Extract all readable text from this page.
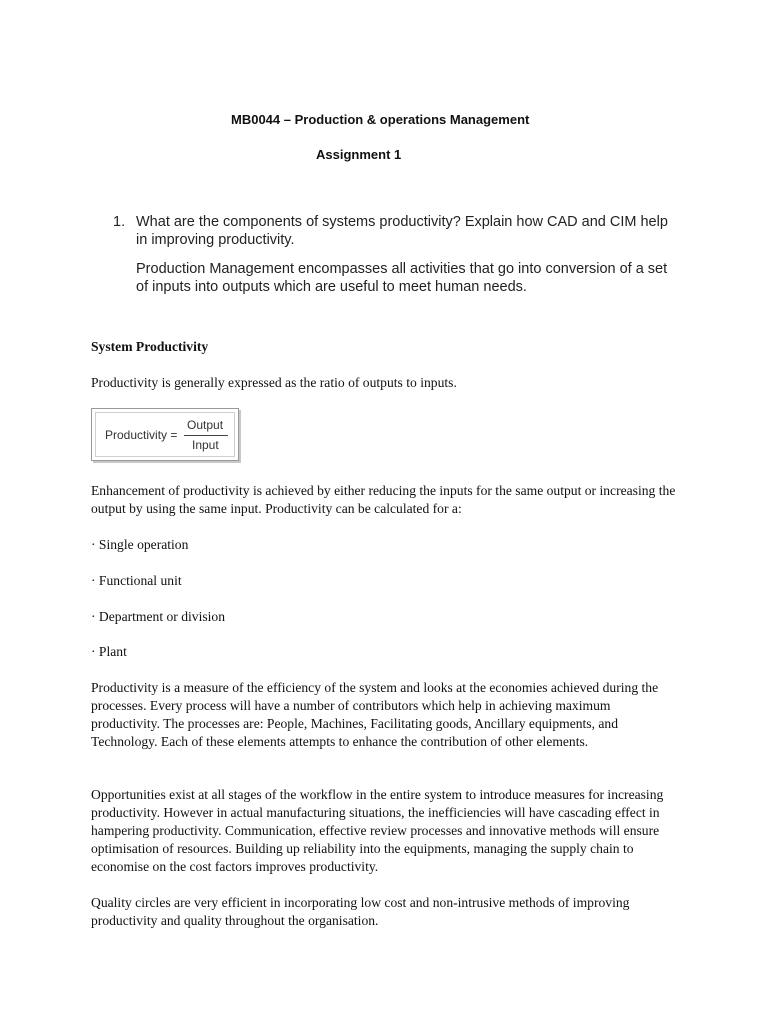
MB0044 – Production & operations Management
Assignment 1
1. What are the components of systems productivity? Explain how CAD and CIM help in improving productivity.
Production Management encompasses all activities that go into conversion of a set of inputs into outputs which are useful to meet human needs.
System Productivity
Productivity is generally expressed as the ratio of outputs to inputs.
Productivity =
Output
Input
Enhancement of productivity is achieved by either reducing the inputs for the same output or increasing the output by using the same input. Productivity can be calculated for a:
· Single operation
· Functional unit
· Department or division
· Plant
Productivity is a measure of the efficiency of the system and looks at the economies achieved during the processes. Every process will have a number of contributors which help in achieving maximum productivity. The processes are: People, Machines, Facilitating goods, Ancillary equipments, and Technology. Each of these elements attempts to enhance the contribution of other elements.
Opportunities exist at all stages of the workflow in the entire system to introduce measures for increasing productivity. However in actual manufacturing situations, the inefficiencies will have cascading effect in hampering productivity. Communication, effective review processes and innovative methods will ensure optimisation of resources. Building up reliability into the equipments, managing the supply chain to economise on the cost factors improves productivity.
Quality circles are very efficient in incorporating low cost and non-intrusive methods of improving productivity and quality throughout the organisation.
